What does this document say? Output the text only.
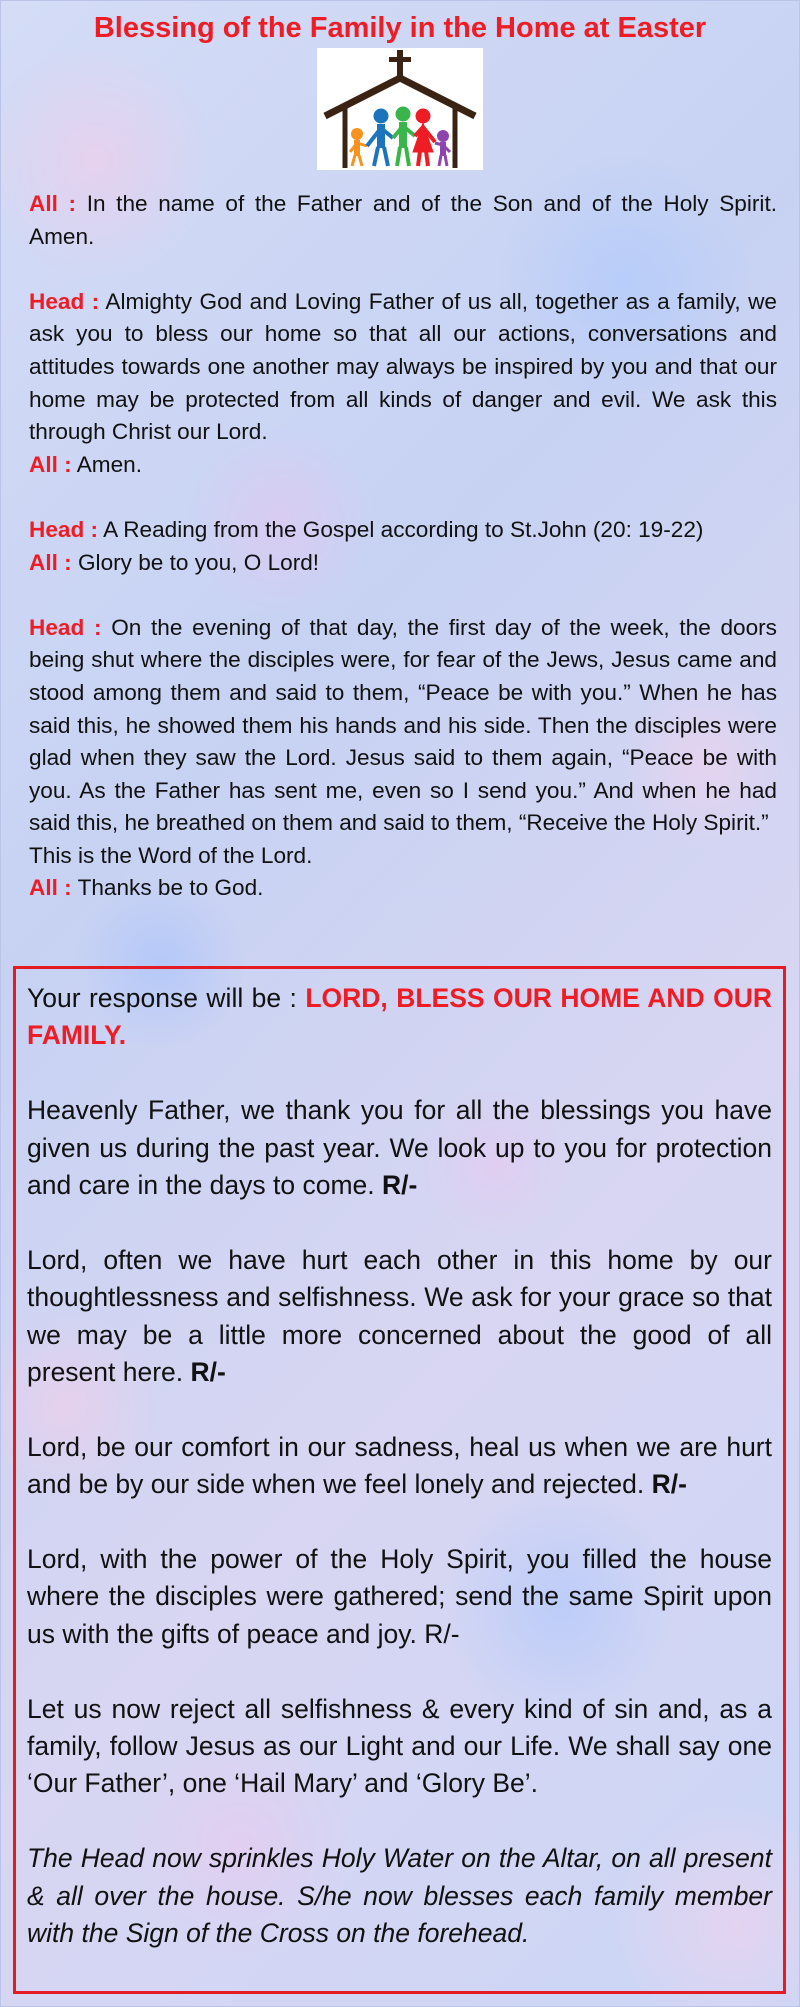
Blessing of the Family in the Home at Easter

All : In the name of the Father and of the Son and of the Holy Spirit. Amen.

Head : Almighty God and Loving Father of us all, together as a family, we ask you to bless our home so that all our actions, conversations and attitudes towards one another may always be inspired by you and that our home may be protected from all kinds of danger and evil. We ask this through Christ our Lord.

All : Amen.

Head : A Reading from the Gospel according to St.John (20: 19-22)

All : Glory be to you, O Lord!

Head : On the evening of that day, the first day of the week, the doors being shut where the disciples were, for fear of the Jews, Jesus came and stood among them and said to them, “Peace be with you.” When he has said this, he showed them his hands and his side. Then the disciples were glad when they saw the Lord. Jesus said to them again, “Peace be with you. As the Father has sent me, even so I send you.” And when he had said this, he breathed on them and said to them, “Receive the Holy Spirit.”

This is the Word of the Lord.

All : Thanks be to God.

Your response will be : LORD, BLESS OUR HOME AND OUR FAMILY.

Heavenly Father, we thank you for all the blessings you have given us during the past year. We look up to you for protection and care in the days to come. R/-

Lord, often we have hurt each other in this home by our thoughtlessness and selfishness. We ask for your grace so that we may be a little more concerned about the good of all present here. R/-

Lord, be our comfort in our sadness, heal us when we are hurt and be by our side when we feel lonely and rejected. R/-

Lord, with the power of the Holy Spirit, you filled the house where the disciples were gathered; send the same Spirit upon us with the gifts of peace and joy. R/-

Let us now reject all selfishness & every kind of sin and, as a family, follow Jesus as our Light and our Life. We shall say one ‘Our Father’, one ‘Hail Mary’ and ‘Glory Be’.

The Head now sprinkles Holy Water on the Altar, on all present & all over the house. S/he now blesses each family member with the Sign of the Cross on the forehead.
